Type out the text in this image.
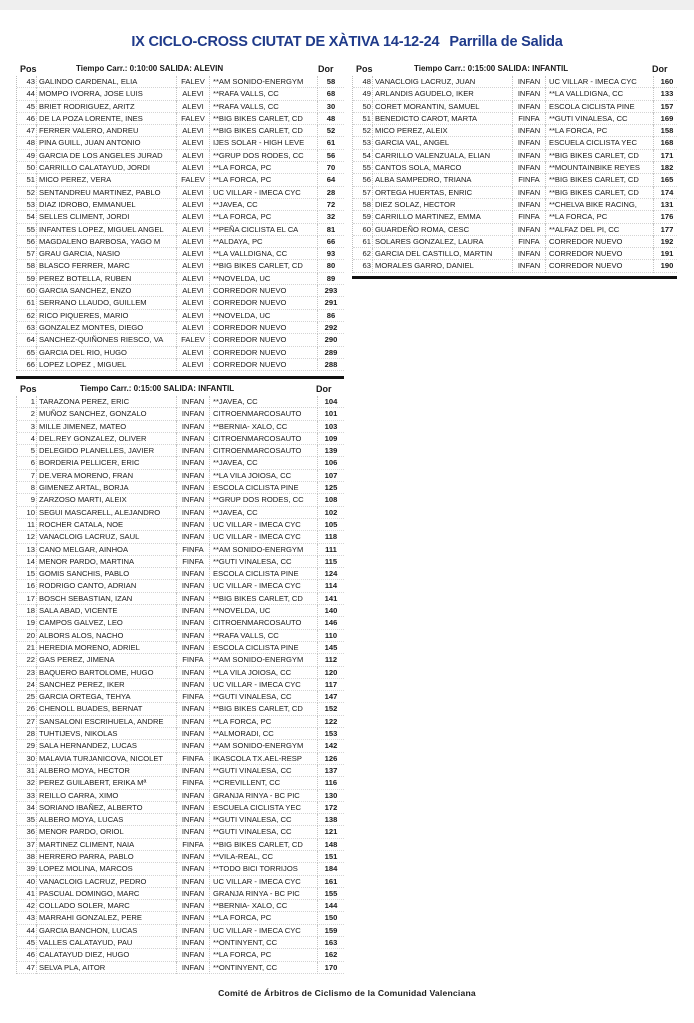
IX CICLO-CROSS CIUTAT DE XÀTIVA 14-12-24 Parrilla de Salida
Pos	Tiempo Carr.: 0:10:00 SALIDA: ALEVIN	Dor
43 GALINDO CARDENAL, ELIA	FALEV	**AM SONIDO-ENERGYM	58
44 MOMPO IVORRA, JOSE LUIS	ALEVI	**RAFA VALLS, CC	68
45 BRIET RODRIGUEZ, ARITZ	ALEVI	**RAFA VALLS, CC	30
46 DE LA POZA LORENTE, INES	FALEV	**BIG BIKES CARLET, CD	48
47 FERRER VALERO, ANDREU	ALEVI	**BIG BIKES CARLET, CD	52
48 PINA GUILL, JUAN ANTONIO	ALEVI	IJES SOLAR - HIGH LEVE	61
49 GARCIA DE LOS ANGELES JURAD	ALEVI	**GRUP DOS RODES, CC	56
50 CARRILLO CALATAYUD, JORDI	ALEVI	**LA FORCA, PC	70
51 MICO PEREZ, VERA	FALEV	**LA FORCA, PC	64
52 SENTANDREU MARTINEZ, PABLO	ALEVI	UC VILLAR - IMECA CYC	28
53 DIAZ IDROBO, EMMANUEL	ALEVI	**JAVEA, CC	72
54 SELLES CLIMENT, JORDI	ALEVI	**LA FORCA, PC	32
55 INFANTES LOPEZ, MIGUEL ANGEL	ALEVI	**PEÑA CICLISTA EL CA	81
56 MAGDALENO BARBOSA, YAGO M	ALEVI	**ALDAYA, PC	66
57 GRAU GARCIA, NASIO	ALEVI	**LA VALLDIGNA, CC	93
58 BLASCO FERRER, MARC	ALEVI	**BIG BIKES CARLET, CD	80
59 PEREZ BOTELLA, RUBEN	ALEVI	**NOVELDA, UC	89
60 GARCIA SANCHEZ, ENZO	ALEVI	CORREDOR NUEVO	293
61 SERRANO LLAUDO, GUILLEM	ALEVI	CORREDOR NUEVO	291
62 RICO PIQUERES, MARIO	ALEVI	**NOVELDA, UC	86
63 GONZALEZ MONTES, DIEGO	ALEVI	CORREDOR NUEVO	292
64 SANCHEZ-QUIÑONES RIESCO, VA	FALEV	CORREDOR NUEVO	290
65 GARCIA DEL RIO, HUGO	ALEVI	CORREDOR NUEVO	289
66 LOPEZ LOPEZ , MIGUEL	ALEVI	CORREDOR NUEVO	288
Pos	Tiempo Carr.: 0:15:00 SALIDA: INFANTIL	Dor
48 VANACLOIG LACRUZ, JUAN	INFAN	UC VILLAR - IMECA CYC	160
49 ARLANDIS AGUDELO, IKER	INFAN	**LA VALLDIGNA, CC	133
50 CORET MORANTIN, SAMUEL	INFAN	ESCOLA CICLISTA PINE	157
51 BENEDICTO CAROT, MARTA	FINFA	**GUTI VINALESA, CC	169
52 MICO PEREZ, ALEIX	INFAN	**LA FORCA, PC	158
53 GARCIA VAL, ANGEL	INFAN	ESCUELA CICLISTA YEC	168
54 CARRILLO VALENZUALA, ELIAN	INFAN	**BIG BIKES CARLET, CD	171
55 CANTOS SOLA, MARCO	INFAN	**MOUNTAINBIKE REYES	182
56 ALBA SAMPEDRO, TRIANA	FINFA	**BIG BIKES CARLET, CD	165
57 ORTEGA HUERTAS, ENRIC	INFAN	**BIG BIKES CARLET, CD	174
58 DIEZ SOLAZ, HECTOR	INFAN	**CHELVA BIKE RACING,	131
59 CARRILLO MARTINEZ, EMMA	FINFA	**LA FORCA, PC	176
60 GUARDEÑO ROMA, CESC	INFAN	**ALFAZ DEL PI, CC	177
61 SOLARES GONZALEZ, LAURA	FINFA	CORREDOR NUEVO	192
62 GARCIA DEL CASTILLO, MARTIN	INFAN	CORREDOR NUEVO	191
63 MORALES GARRO, DANIEL	INFAN	CORREDOR NUEVO	190
Pos	Tiempo Carr.: 0:15:00 SALIDA: INFANTIL	Dor
1 TARAZONA PEREZ, ERIC	INFAN	**JAVEA, CC	104
2 MUÑOZ SANCHEZ, GONZALO	INFAN	CITROENMARCOSAUTO	101
3 MILLE JIMENEZ, MATEO	INFAN	**BERNIA- XALO, CC	103
4 DEL.REY GONZALEZ, OLIVER	INFAN	CITROENMARCOSAUTO	109
5 DELEGIDO PLANELLES, JAVIER	INFAN	CITROENMARCOSAUTO	139
6 BORDERIA PELLICER, ERIC	INFAN	**JAVEA, CC	106
7 DE.VERA MORENO, FRAN	INFAN	**LA VILA JOIOSA, CC	107
8 GIMENEZ ARTAL, BORJA	INFAN	ESCOLA CICLISTA PINE	125
9 ZARZOSO MARTI, ALEIX	INFAN	**GRUP DOS RODES, CC	108
10 SEGUI MASCARELL, ALEJANDRO	INFAN	**JAVEA, CC	102
11 ROCHER CATALA, NOE	INFAN	UC VILLAR - IMECA CYC	105
12 VANACLOIG LACRUZ, SAUL	INFAN	UC VILLAR - IMECA CYC	118
13 CANO MELGAR, AINHOA	FINFA	**AM SONIDO-ENERGYM	111
14 MENOR PARDO, MARTINA	FINFA	**GUTI VINALESA, CC	115
15 GOMIS SANCHIS, PABLO	INFAN	ESCOLA CICLISTA PINE	124
16 RODRIGO CANTO, ADRIAN	INFAN	UC VILLAR - IMECA CYC	114
17 BOSCH SEBASTIAN, IZAN	INFAN	**BIG BIKES CARLET, CD	141
18 SALA ABAD, VICENTE	INFAN	**NOVELDA, UC	140
19 CAMPOS GALVEZ, LEO	INFAN	CITROENMARCOSAUTO	146
20 ALBORS ALOS, NACHO	INFAN	**RAFA VALLS, CC	110
21 HEREDIA MORENO, ADRIEL	INFAN	ESCOLA CICLISTA PINE	145
22 GAS PEREZ, JIMENA	FINFA	**AM SONIDO-ENERGYM	112
23 BAQUERO BARTOLOME, HUGO	INFAN	**LA VILA JOIOSA, CC	120
24 SANCHEZ PEREZ, IKER	INFAN	UC VILLAR - IMECA CYC	117
25 GARCIA ORTEGA, TEHYA	FINFA	**GUTI VINALESA, CC	147
26 CHENOLL BUADES, BERNAT	INFAN	**BIG BIKES CARLET, CD	152
27 SANSALONI ESCRIHUELA, ANDRE	INFAN	**LA FORCA, PC	122
28 TUHTIJEVS, NIKOLAS	INFAN	**ALMORADI, CC	153
29 SALA HERNANDEZ, LUCAS	INFAN	**AM SONIDO-ENERGYM	142
30 MALAVIA TURJANICOVA, NICOLET	FINFA	IKASCOLA TX.AEL-RESP	126
31 ALBERO MOYA, HECTOR	INFAN	**GUTI VINALESA, CC	137
32 PEREZ GUILABERT, ERIKA Mª	FINFA	**CREVILLENT, CC	116
33 REILLO CARRA, XIMO	INFAN	GRANJA RINYA - BC PIC	130
34 SORIANO IBAÑEZ, ALBERTO	INFAN	ESCUELA CICLISTA YEC	172
35 ALBERO MOYA, LUCAS	INFAN	**GUTI VINALESA, CC	138
36 MENOR PARDO, ORIOL	INFAN	**GUTI VINALESA, CC	121
37 MARTINEZ CLIMENT, NAIA	FINFA	**BIG BIKES CARLET, CD	148
38 HERRERO PARRA, PABLO	INFAN	**VILA-REAL, CC	151
39 LOPEZ MOLINA, MARCOS	INFAN	**TODO BICI TORRIJOS	184
40 VANACLOIG LACRUZ, PEDRO	INFAN	UC VILLAR - IMECA CYC	161
41 PASCUAL DOMINGO, MARC	INFAN	GRANJA RINYA - BC PIC	155
42 COLLADO SOLER, MARC	INFAN	**BERNIA- XALO, CC	144
43 MARRAHI GONZALEZ, PERE	INFAN	**LA FORCA, PC	150
44 GARCIA BANCHON, LUCAS	INFAN	UC VILLAR - IMECA CYC	159
45 VALLES CALATAYUD, PAU	INFAN	**ONTINYENT, CC	163
46 CALATAYUD DIEZ, HUGO	INFAN	**LA FORCA, PC	162
47 SELVA PLA, AITOR	INFAN	**ONTINYENT, CC	170
Comité de Árbitros de Ciclismo de la Comunidad Valenciana
